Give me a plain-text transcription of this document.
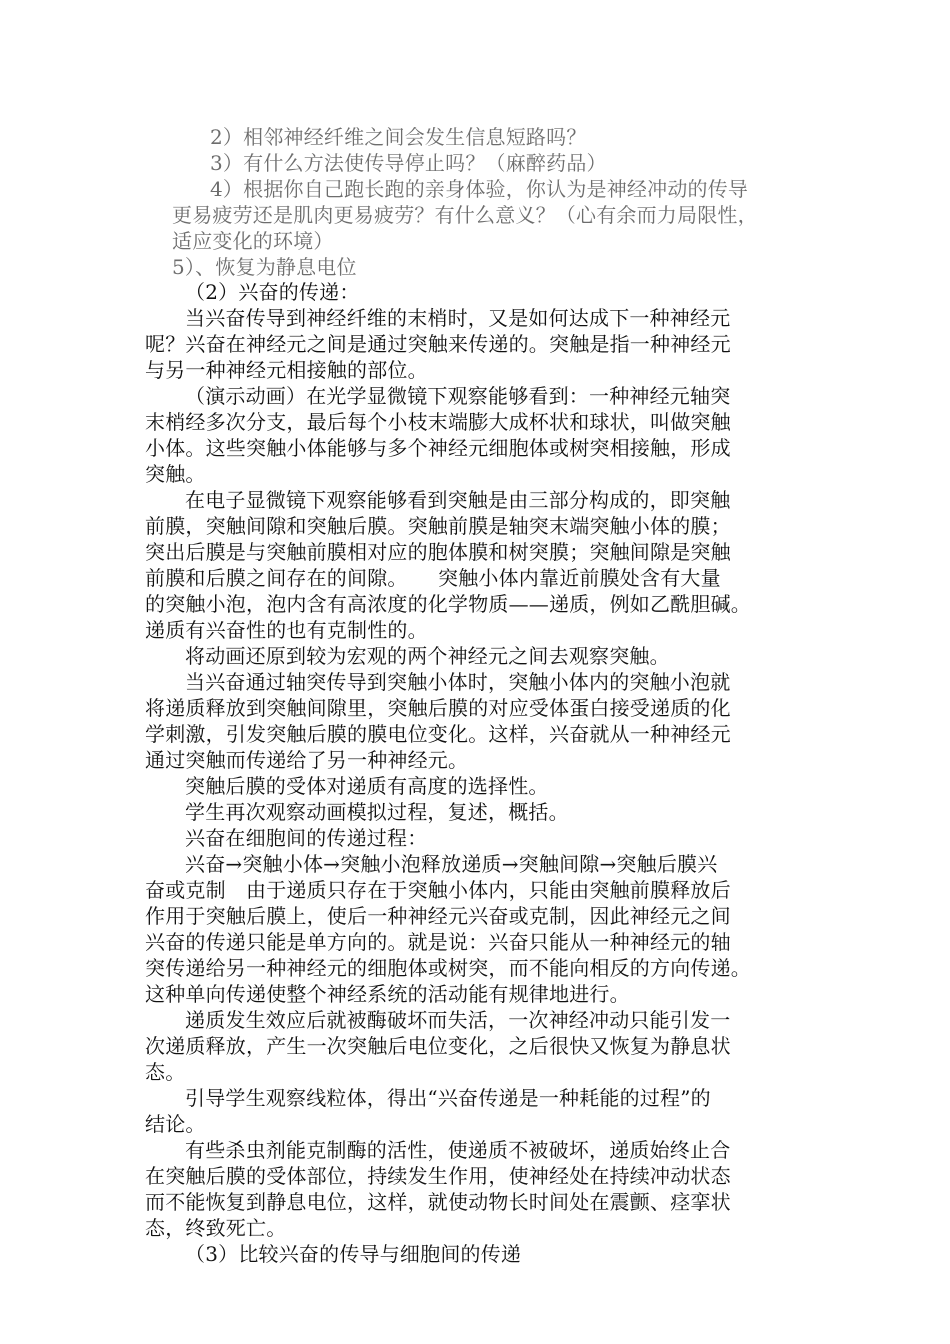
2）相邻神经纤维之间会发生信息短路吗？
3）有什么方法使传导停止吗？（麻醉药品）
4）根据你自己跑长跑的亲身体验，你认为是神经冲动的传导
更易疲劳还是肌肉更易疲劳？有什么意义？（心有余而力局限性，
适应变化的环境）
5）、恢复为静息电位
（2）兴奋的传递：
当兴奋传导到神经纤维的末梢时，又是如何达成下一种神经元
呢？兴奋在神经元之间是通过突触来传递的。突触是指一种神经元
与另一种神经元相接触的部位。
（演示动画）在光学显微镜下观察能够看到：一种神经元轴突
末梢经多次分支，最后每个小枝末端膨大成杯状和球状，叫做突触
小体。这些突触小体能够与多个神经元细胞体或树突相接触，形成
突触。
在电子显微镜下观察能够看到突触是由三部分构成的，即突触
前膜，突触间隙和突触后膜。突触前膜是轴突末端突触小体的膜；
突出后膜是与突触前膜相对应的胞体膜和树突膜；突触间隙是突触
前膜和后膜之间存在的间隙。　　突触小体内靠近前膜处含有大量
的突触小泡，泡内含有高浓度的化学物质——递质，例如乙酰胆碱。
递质有兴奋性的也有克制性的。
将动画还原到较为宏观的两个神经元之间去观察突触。
当兴奋通过轴突传导到突触小体时，突触小体内的突触小泡就
将递质释放到突触间隙里，突触后膜的对应受体蛋白接受递质的化
学刺激，引发突触后膜的膜电位变化。这样，兴奋就从一种神经元
通过突触而传递给了另一种神经元。
突触后膜的受体对递质有高度的选择性。
学生再次观察动画模拟过程，复述，概括。
兴奋在细胞间的传递过程：
兴奋→突触小体→突触小泡释放递质→突触间隙→突触后膜兴
奋或克制　由于递质只存在于突触小体内，只能由突触前膜释放后
作用于突触后膜上，使后一种神经元兴奋或克制，因此神经元之间
兴奋的传递只能是单方向的。就是说：兴奋只能从一种神经元的轴
突传递给另一种神经元的细胞体或树突，而不能向相反的方向传递。
这种单向传递使整个神经系统的活动能有规律地进行。
递质发生效应后就被酶破坏而失活，一次神经冲动只能引发一
次递质释放，产生一次突触后电位变化，之后很快又恢复为静息状
态。
引导学生观察线粒体，得出“兴奋传递是一种耗能的过程”的
结论。
有些杀虫剂能克制酶的活性，使递质不被破坏，递质始终止合
在突触后膜的受体部位，持续发生作用，使神经处在持续冲动状态
而不能恢复到静息电位，这样，就使动物长时间处在震颤、痉挛状
态，终致死亡。
（3）比较兴奋的传导与细胞间的传递
